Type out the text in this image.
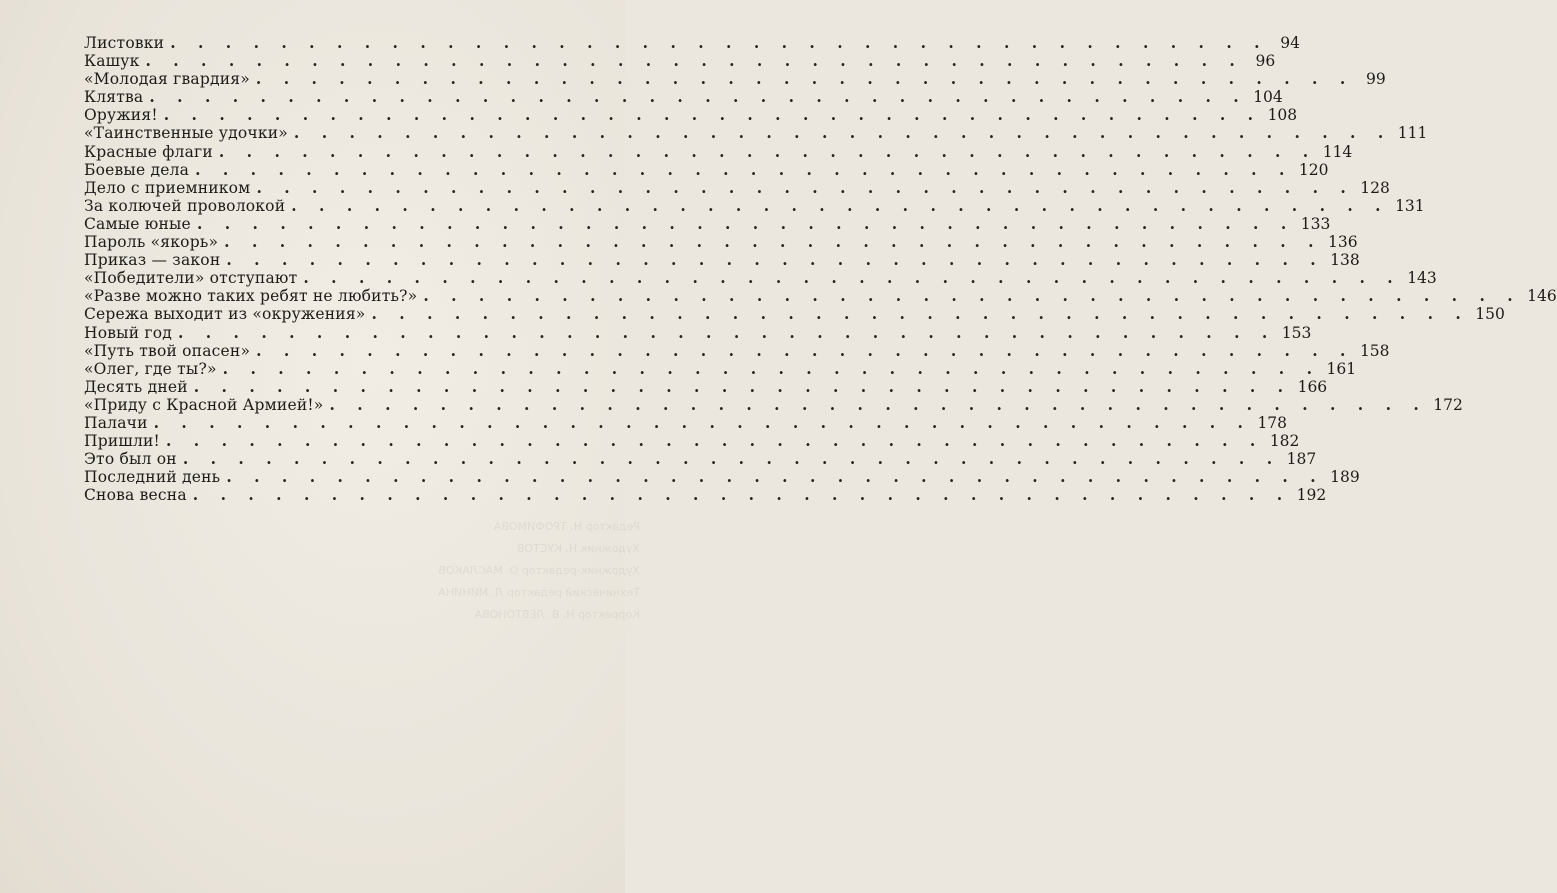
Редактор Н. ТРОФИМОВА

Художник Н. КУСТОВ

Художник-редактор О. МАСЛАКОВ

Технический редактор Л. МИНИНА

Корректор Н. В. ЛЕВТОНОВА

Листовки . . . . . . . . . . . . . . . . . . . . . . . . . . . . . . . . . . . . . . . . 94
Кашук . . . . . . . . . . . . . . . . . . . . . . . . . . . . . . . . . . . . . . . . 96
«Молодая гвардия» . . . . . . . . . . . . . . . . . . . . . . . . . . . . . . . . . . . . . . . . 99
Клятва . . . . . . . . . . . . . . . . . . . . . . . . . . . . . . . . . . . . . . . . 104
Оружия! . . . . . . . . . . . . . . . . . . . . . . . . . . . . . . . . . . . . . . . . 108
«Таинственные удочки» . . . . . . . . . . . . . . . . . . . . . . . . . . . . . . . . . . . . . . . . 111
Красные флаги . . . . . . . . . . . . . . . . . . . . . . . . . . . . . . . . . . . . . . . . 114
Боевые дела . . . . . . . . . . . . . . . . . . . . . . . . . . . . . . . . . . . . . . . . 120
Дело с приемником . . . . . . . . . . . . . . . . . . . . . . . . . . . . . . . . . . . . . . . . 128
За колючей проволокой . . . . . . . . . . . . . . . . . . . . . . . . . . . . . . . . . . . . . . . . 131
Самые юные . . . . . . . . . . . . . . . . . . . . . . . . . . . . . . . . . . . . . . . . 133
Пароль «якорь» . . . . . . . . . . . . . . . . . . . . . . . . . . . . . . . . . . . . . . . . 136
Приказ — закон . . . . . . . . . . . . . . . . . . . . . . . . . . . . . . . . . . . . . . . . 138
«Победители» отступают . . . . . . . . . . . . . . . . . . . . . . . . . . . . . . . . . . . . . . . . 143
«Разве можно таких ребят не любить?» . . . . . . . . . . . . . . . . . . . . . . . . . . . . . . . . . . . . . . . . 146
Сережа выходит из «окружения» . . . . . . . . . . . . . . . . . . . . . . . . . . . . . . . . . . . . . . . . 150
Новый год . . . . . . . . . . . . . . . . . . . . . . . . . . . . . . . . . . . . . . . . 153
«Путь твой опасен» . . . . . . . . . . . . . . . . . . . . . . . . . . . . . . . . . . . . . . . . 158
«Олег, где ты?» . . . . . . . . . . . . . . . . . . . . . . . . . . . . . . . . . . . . . . . . 161
Десять дней . . . . . . . . . . . . . . . . . . . . . . . . . . . . . . . . . . . . . . . . 166
«Приду с Красной Армией!» . . . . . . . . . . . . . . . . . . . . . . . . . . . . . . . . . . . . . . . . 172
Палачи . . . . . . . . . . . . . . . . . . . . . . . . . . . . . . . . . . . . . . . . 178
Пришли! . . . . . . . . . . . . . . . . . . . . . . . . . . . . . . . . . . . . . . . . 182
Это был он . . . . . . . . . . . . . . . . . . . . . . . . . . . . . . . . . . . . . . . . 187
Последний день . . . . . . . . . . . . . . . . . . . . . . . . . . . . . . . . . . . . . . . . 189
Снова весна . . . . . . . . . . . . . . . . . . . . . . . . . . . . . . . . . . . . . . . . 192
